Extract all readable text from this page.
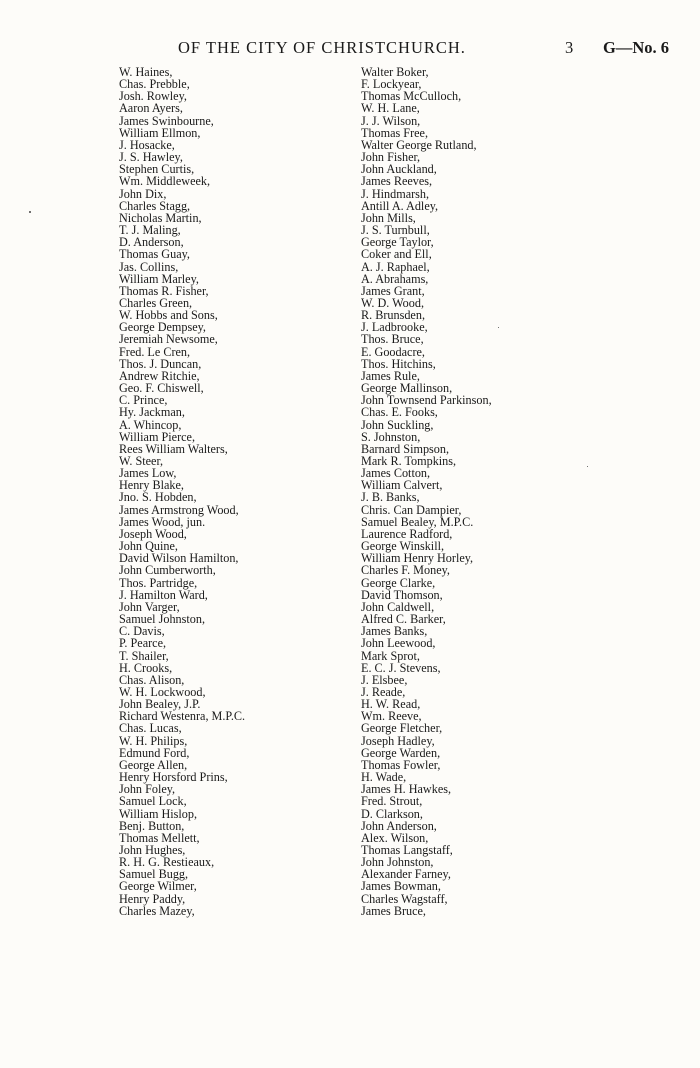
OF THE CITY OF CHRISTCHURCH.	3 G—No. 6
W. Haines,
Chas. Prebble,
Josh. Rowley,
Aaron Ayers,
James Swinbourne,
William Ellmon,
J. Hosacke,
J. S. Hawley,
Stephen Curtis,
Wm. Middleweek,
John Dix,
Charles Stagg,
Nicholas Martin,
T. J. Maling,
D. Anderson,
Thomas Guay,
Jas. Collins,
William Marley,
Thomas R. Fisher,
Charles Green,
W. Hobbs and Sons,
George Dempsey,
Jeremiah Newsome,
Fred. Le Cren,
Thos. J. Duncan,
Andrew Ritchie,
Geo. F. Chiswell,
C. Prince,
Hy. Jackman,
A. Whincop,
William Pierce,
Rees William Walters,
W. Steer,
James Low,
Henry Blake,
Jno. S. Hobden,
James Armstrong Wood,
James Wood, jun.
Joseph Wood,
John Quine,
David Wilson Hamilton,
John Cumberworth,
Thos. Partridge,
J. Hamilton Ward,
John Varger,
Samuel Johnston,
C. Davis,
P. Pearce,
T. Shailer,
H. Crooks,
Chas. Alison,
W. H. Lockwood,
John Bealey, J.P.
Richard Westenra, M.P.C.
Chas. Lucas,
W. H. Philips,
Edmund Ford,
George Allen,
Henry Horsford Prins,
John Foley,
Samuel Lock,
William Hislop,
Benj. Button,
Thomas Mellett,
John Hughes,
R. H. G. Restieaux,
Samuel Bugg,
George Wilmer,
Henry Paddy,
Charles Mazey,
Walter Boker,
F. Lockyear,
Thomas McCulloch,
W. H. Lane,
J. J. Wilson,
Thomas Free,
Walter George Rutland,
John Fisher,
John Auckland,
James Reeves,
J. Hindmarsh,
Antill A. Adley,
John Mills,
J. S. Turnbull,
George Taylor,
Coker and Ell,
A. J. Raphael,
A. Abrahams,
James Grant,
W. D. Wood,
R. Brunsden,
J. Ladbrooke,
Thos. Bruce,
E. Goodacre,
Thos. Hitchins,
James Rule,
George Mallinson,
John Townsend Parkinson,
Chas. E. Fooks,
John Suckling,
S. Johnston,
Barnard Simpson,
Mark R. Tompkins,
James Cotton,
William Calvert,
J. B. Banks,
Chris. Can Dampier,
Samuel Bealey, M.P.C.
Laurence Radford,
George Winskill,
William Henry Horley,
Charles F. Money,
George Clarke,
David Thomson,
John Caldwell,
Alfred C. Barker,
James Banks,
John Leewood,
Mark Sprot,
E. C. J. Stevens,
J. Elsbee,
J. Reade,
H. W. Read,
Wm. Reeve,
George Fletcher,
Joseph Hadley,
George Warden,
Thomas Fowler,
H. Wade,
James H. Hawkes,
Fred. Strout,
D. Clarkson,
John Anderson,
Alex. Wilson,
Thomas Langstaff,
John Johnston,
Alexander Farney,
James Bowman,
Charles Wagstaff,
James Bruce,
